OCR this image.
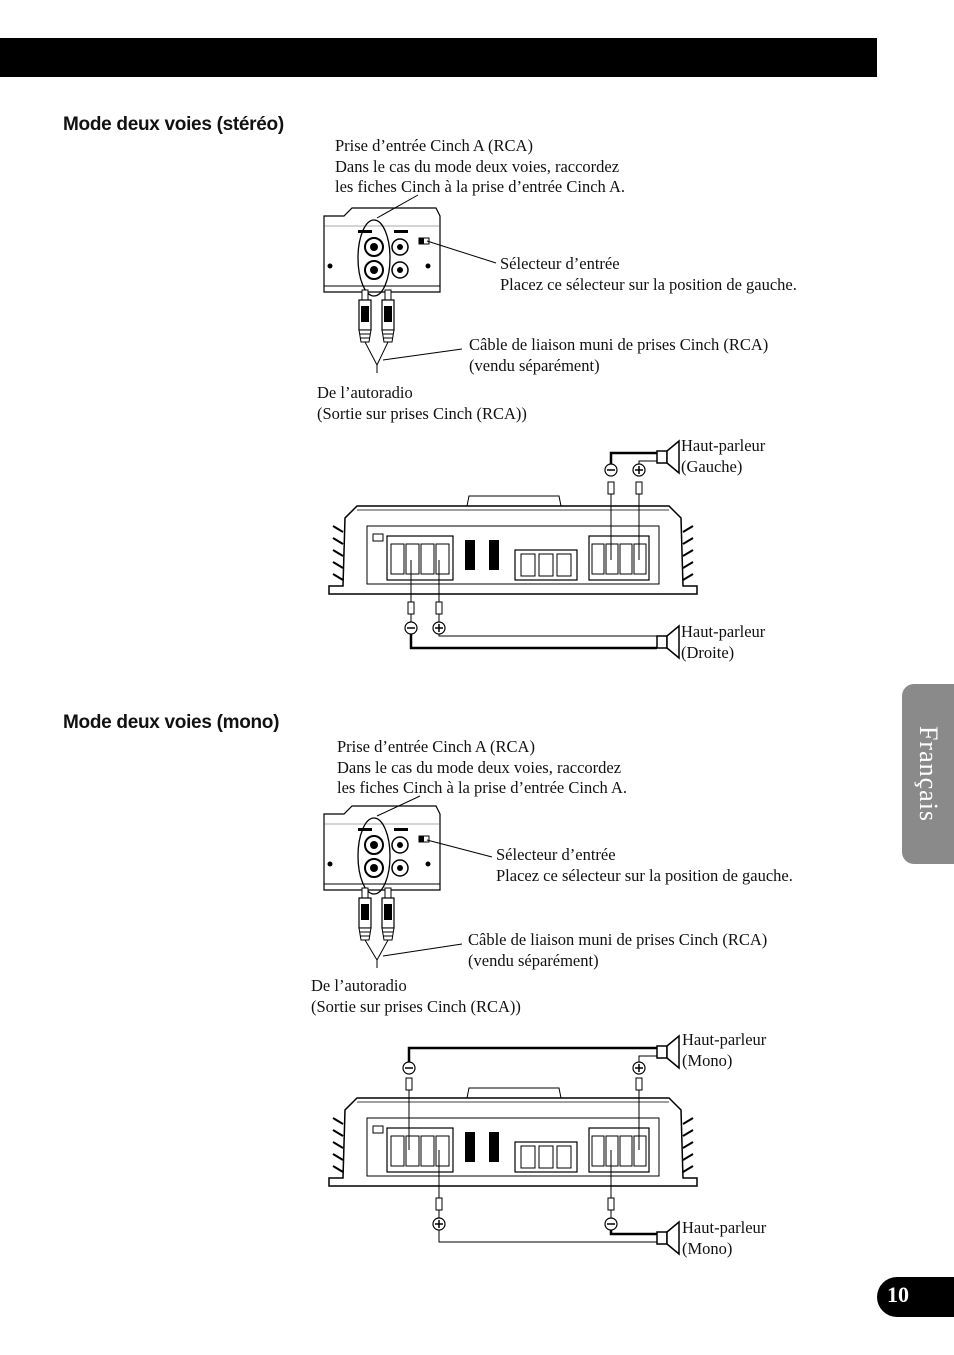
Mode deux voies (stéréo)
Prise d’entrée Cinch A (RCA)
Dans le cas du mode deux voies, raccordez
les fiches Cinch à la prise d’entrée Cinch A.
Sélecteur d’entrée
Placez ce sélecteur sur la position de gauche.
Câble de liaison muni de prises Cinch (RCA)
(vendu séparément)
De l’autoradio
(Sortie sur prises Cinch (RCA))
Haut-parleur
(Gauche)
Haut-parleur
(Droite)
Mode deux voies (mono)
Prise d’entrée Cinch A (RCA)
Dans le cas du mode deux voies, raccordez
les fiches Cinch à la prise d’entrée Cinch A.
Sélecteur d’entrée
Placez ce sélecteur sur la position de gauche.
Câble de liaison muni de prises Cinch (RCA)
(vendu séparément)
De l’autoradio
(Sortie sur prises Cinch (RCA))
Haut-parleur
(Mono)
Haut-parleur
(Mono)
Français
10
